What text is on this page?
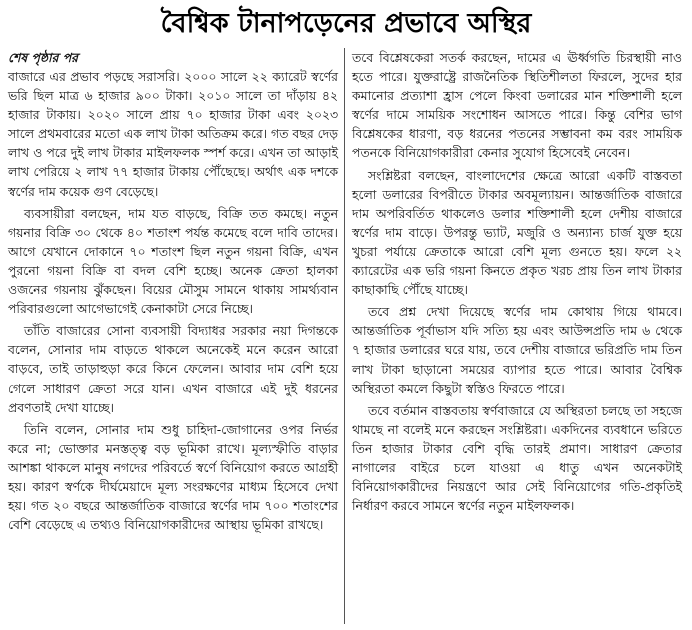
বৈশ্বিক টানাপড়েনের প্রভাবে অস্থির
শেষ পৃষ্ঠার পর

বাজারে এর প্রভাব পড়ছে সরাসরি। ২০০০ সালে ২২ ক্যারেট স্বর্ণের ভরি ছিল মাত্র ৬ হাজার ৯০০ টাকা। ২০১০ সালে তা দাঁড়ায় ৪২ হাজার টাকায়। ২০২০ সালে প্রায় ৭০ হাজার টাকা এবং ২০২৩ সালে প্রথমবারের মতো এক লাখ টাকা অতিক্রম করে। গত বছর দেড় লাখ ও পরে দুই লাখ টাকার মাইলফলক স্পর্শ করে। এখন তা আড়াই লাখ পেরিয়ে ২ লাখ ৭৭ হাজার টাকায় পৌঁছেছে। অর্থাৎ এক দশকে স্বর্ণের দাম কয়েক গুণ বেড়েছে।

ব্যবসায়ীরা বলছেন, দাম যত বাড়ছে, বিক্রি তত কমছে। নতুন গয়নার বিক্রি ৩০ থেকে ৪০ শতাংশ পর্যন্ত কমেছে বলে দাবি তাদের। আগে যেখানে দোকানে ৭০ শতাংশ ছিল নতুন গয়না বিক্রি, এখন পুরনো গয়না বিক্রি বা বদল বেশি হচ্ছে। অনেক ক্রেতা হালকা ওজনের গয়নায় ঝুঁকছেন। বিয়ের মৌসুম সামনে থাকায় সামর্থ্যবান পরিবারগুলো আগেভাগেই কেনাকাটা সেরে নিচ্ছে।

তাঁতি বাজারের সোনা ব্যবসায়ী বিদ্যাধর সরকার নয়া দিগন্তকে বলেন, সোনার দাম বাড়তে থাকলে অনেকেই মনে করেন আরো বাড়বে, তাই তাড়াহুড়া করে কিনে ফেলেন। আবার দাম বেশি হয়ে গেলে সাধারণ ক্রেতা সরে যান। এখন বাজারে এই দুই ধরনের প্রবণতাই দেখা যাচ্ছে।

তিনি বলেন, সোনার দাম শুধু চাহিদা-জোগানের ওপর নির্ভর করে না; ভোক্তার মনস্তত্ত্ব বড় ভূমিকা রাখে। মূল্যস্ফীতি বাড়ার আশঙ্কা থাকলে মানুষ নগদের পরিবর্তে স্বর্ণে বিনিয়োগ করতে আগ্রহী হয়। কারণ স্বর্ণকে দীর্ঘমেয়াদে মূল্য সংরক্ষণের মাধ্যম হিসেবে দেখা হয়। গত ২০ বছরে আন্তর্জাতিক বাজারে স্বর্ণের দাম ৭০০ শতাংশের বেশি বেড়েছে এ তথ্যও বিনিয়োগকারীদের আস্থায় ভূমিকা রাখছে।

তবে বিশ্লেষকেরা সতর্ক করছেন, দামের এ ঊর্ধ্বগতি চিরস্থায়ী নাও হতে পারে। যুক্তরাষ্ট্রে রাজনৈতিক স্থিতিশীলতা ফিরলে, সুদের হার কমানোর প্রত্যাশা হ্রাস পেলে কিংবা ডলারের মান শক্তিশালী হলে স্বর্ণের দামে সাময়িক সংশোধন আসতে পারে। কিন্তু বেশির ভাগ বিশ্লেষকের ধারণা, বড় ধরনের পতনের সম্ভাবনা কম বরং সাময়িক পতনকে বিনিয়োগকারীরা কেনার সুযোগ হিসেবেই নেবেন।

সংশ্লিষ্টরা বলছেন, বাংলাদেশের ক্ষেত্রে আরো একটি বাস্তবতা হলো ডলারের বিপরীতে টাকার অবমূল্যায়ন। আন্তর্জাতিক বাজারে দাম অপরিবর্তিত থাকলেও ডলার শক্তিশালী হলে দেশীয় বাজারে স্বর্ণের দাম বাড়ে। উপরন্তু ভ্যাট, মজুরি ও অন্যান্য চার্জ যুক্ত হয়ে খুচরা পর্যায়ে ক্রেতাকে আরো বেশি মূল্য গুনতে হয়। ফলে ২২ ক্যারেটের এক ভরি গয়না কিনতে প্রকৃত খরচ প্রায় তিন লাখ টাকার কাছাকাছি পৌঁছে যাচ্ছে।

তবে প্রশ্ন দেখা দিয়েছে স্বর্ণের দাম কোথায় গিয়ে থামবে। আন্তর্জাতিক পূর্বাভাস যদি সত্যি হয় এবং আউন্সপ্রতি দাম ৬ থেকে ৭ হাজার ডলারের ঘরে যায়, তবে দেশীয় বাজারে ভরিপ্রতি দাম তিন লাখ টাকা ছাড়ানো সময়ের ব্যাপার হতে পারে। আবার বৈশ্বিক অস্থিরতা কমলে কিছুটা স্বস্তিও ফিরতে পারে।

তবে বর্তমান বাস্তবতায় স্বর্ণবাজারে যে অস্থিরতা চলছে তা সহজে থামছে না বলেই মনে করছেন সংশ্লিষ্টরা। একদিনের ব্যবধানে ভরিতে তিন হাজার টাকার বেশি বৃদ্ধি তারই প্রমাণ। সাধারণ ক্রেতার নাগালের বাইরে চলে যাওয়া এ ধাতু এখন অনেকটাই বিনিয়োগকারীদের নিয়ন্ত্রণে আর সেই বিনিয়োগের গতি-প্রকৃতিই নির্ধারণ করবে সামনে স্বর্ণের নতুন মাইলফলক।
